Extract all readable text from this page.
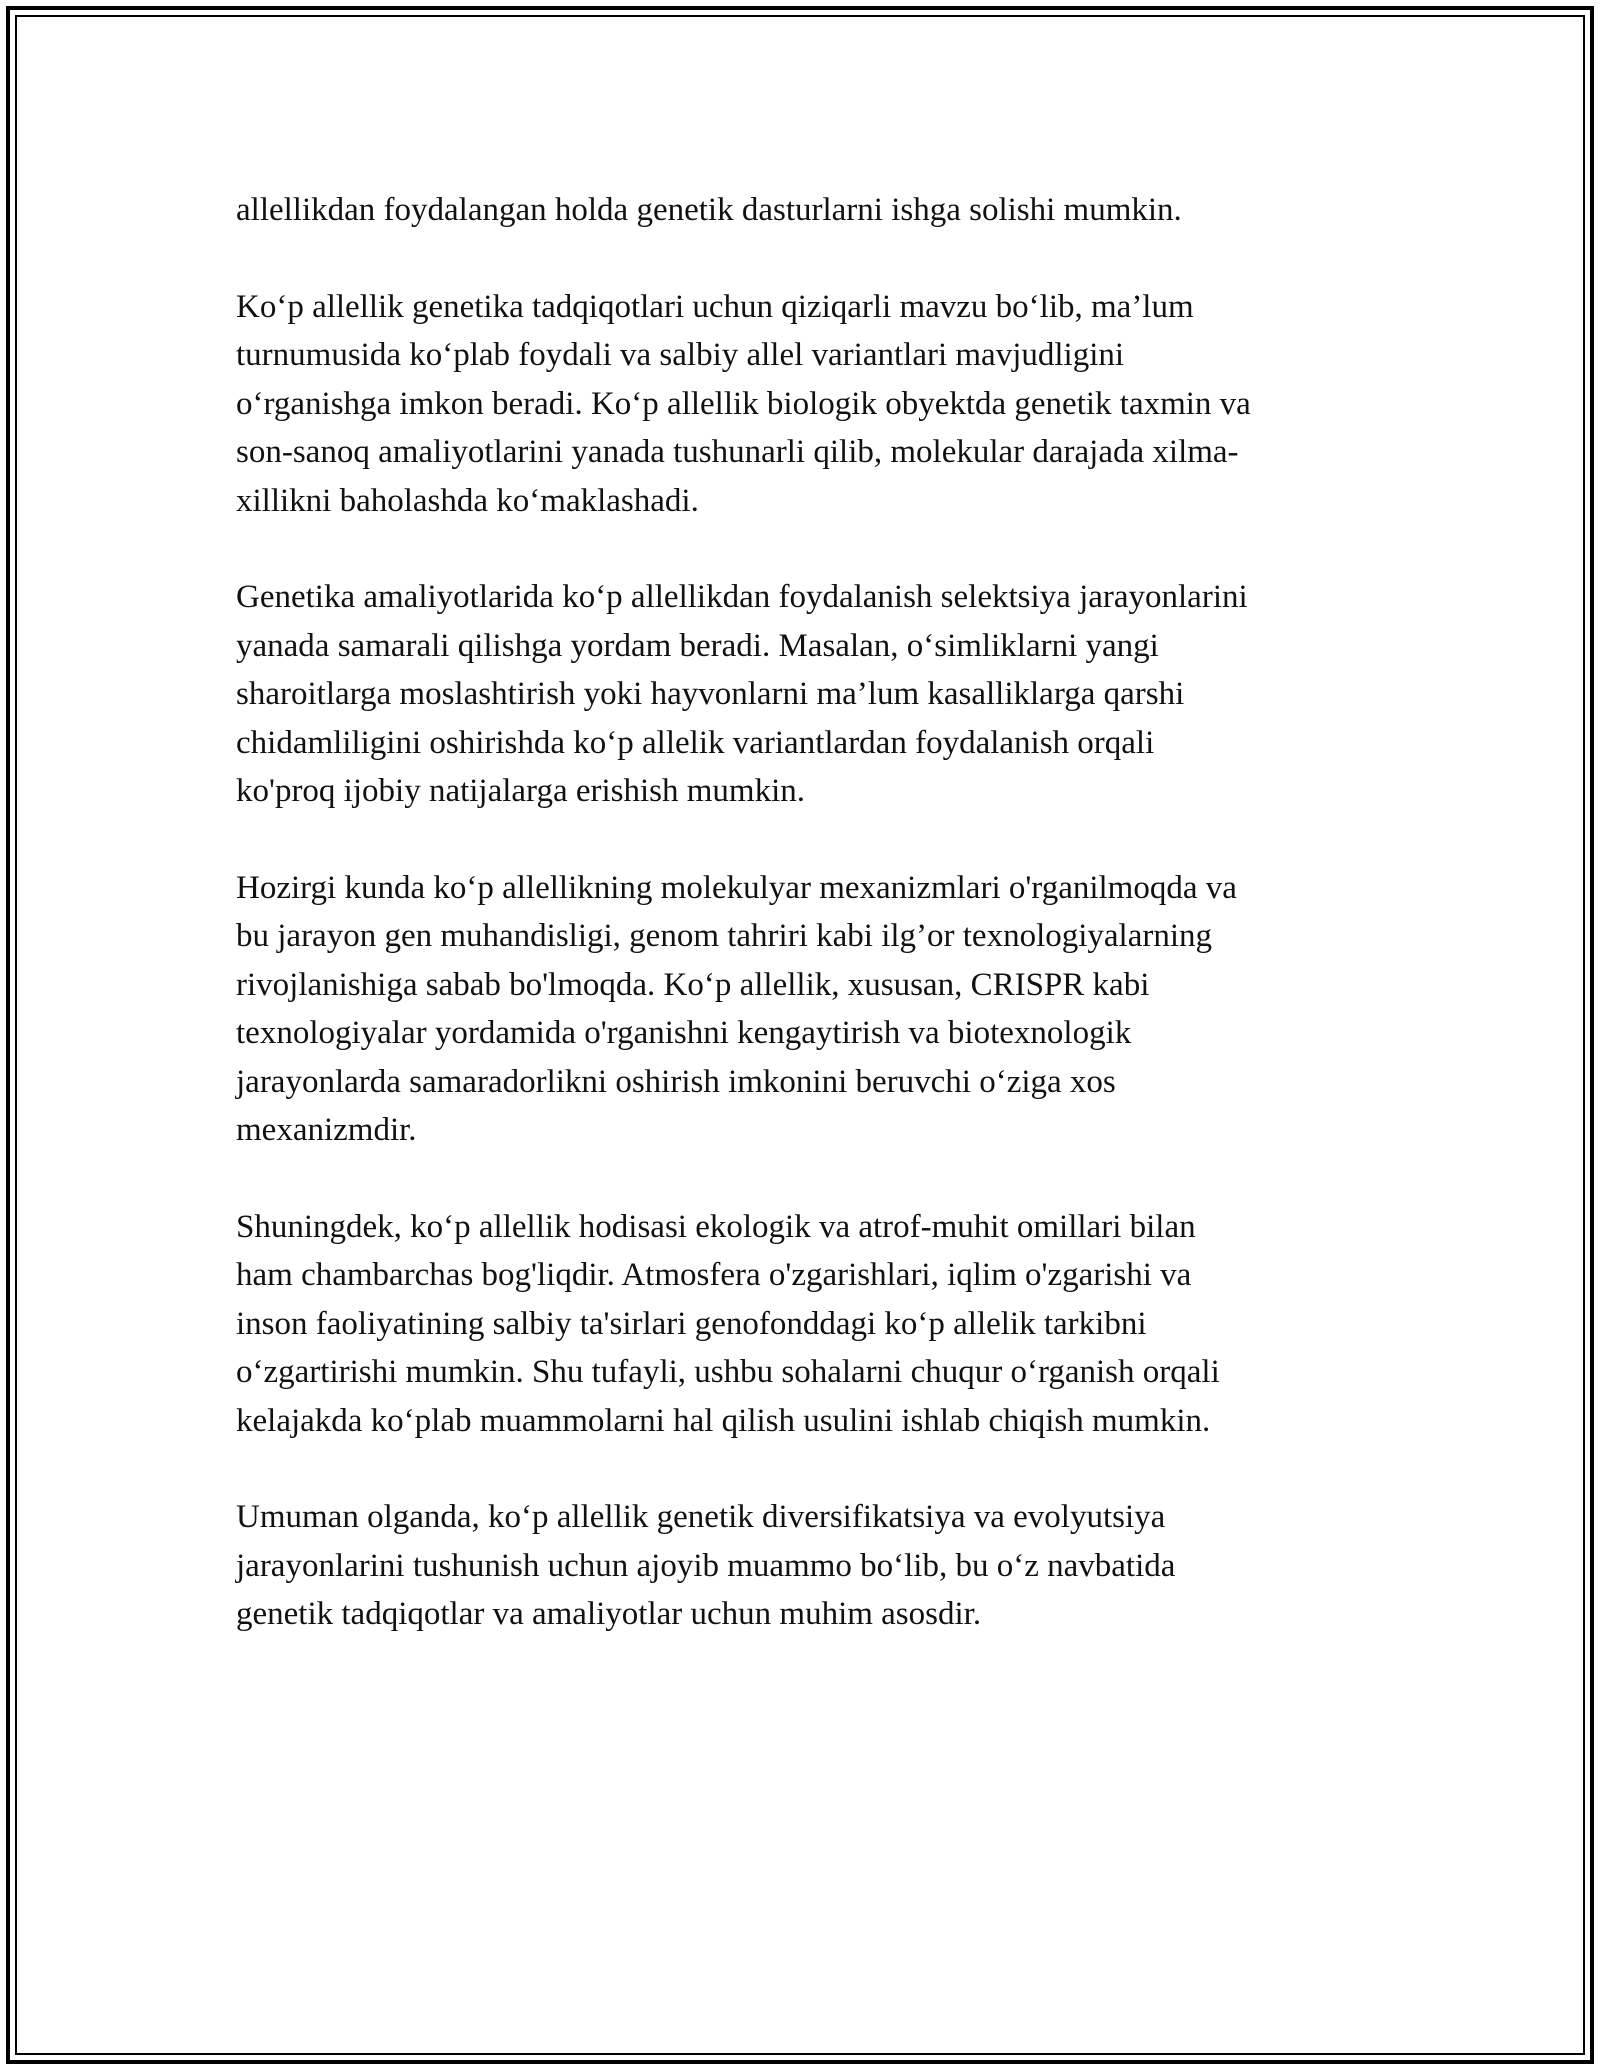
allellikdan foydalangan holda genetik dasturlarni ishga solishi mumkin.

Ko‘p allellik genetika tadqiqotlari uchun qiziqarli mavzu bo‘lib, ma’lum
turnumusida ko‘plab foydali va salbiy allel variantlari mavjudligini
o‘rganishga imkon beradi. Ko‘p allellik biologik obyektda genetik taxmin va
son-sanoq amaliyotlarini yanada tushunarli qilib, molekular darajada xilma-
xillikni baholashda ko‘maklashadi.

Genetika amaliyotlarida ko‘p allellikdan foydalanish selektsiya jarayonlarini
yanada samarali qilishga yordam beradi. Masalan, o‘simliklarni yangi
sharoitlarga moslashtirish yoki hayvonlarni ma’lum kasalliklarga qarshi
chidamliligini oshirishda ko‘p allelik variantlardan foydalanish orqali
ko'proq ijobiy natijalarga erishish mumkin.

Hozirgi kunda ko‘p allellikning molekulyar mexanizmlari o'rganilmoqda va
bu jarayon gen muhandisligi, genom tahriri kabi ilg’or texnologiyalarning
rivojlanishiga sabab bo'lmoqda. Ko‘p allellik, xususan, CRISPR kabi
texnologiyalar yordamida o'rganishni kengaytirish va biotexnologik
jarayonlarda samaradorlikni oshirish imkonini beruvchi o‘ziga xos
mexanizmdir.

Shuningdek, ko‘p allellik hodisasi ekologik va atrof-muhit omillari bilan
ham chambarchas bog'liqdir. Atmosfera o'zgarishlari, iqlim o'zgarishi va
inson faoliyatining salbiy ta'sirlari genofonddagi ko‘p allelik tarkibni
o‘zgartirishi mumkin. Shu tufayli, ushbu sohalarni chuqur o‘rganish orqali
kelajakda ko‘plab muammolarni hal qilish usulini ishlab chiqish mumkin.

Umuman olganda, ko‘p allellik genetik diversifikatsiya va evolyutsiya
jarayonlarini tushunish uchun ajoyib muammo bo‘lib, bu o‘z navbatida
genetik tadqiqotlar va amaliyotlar uchun muhim asosdir.
